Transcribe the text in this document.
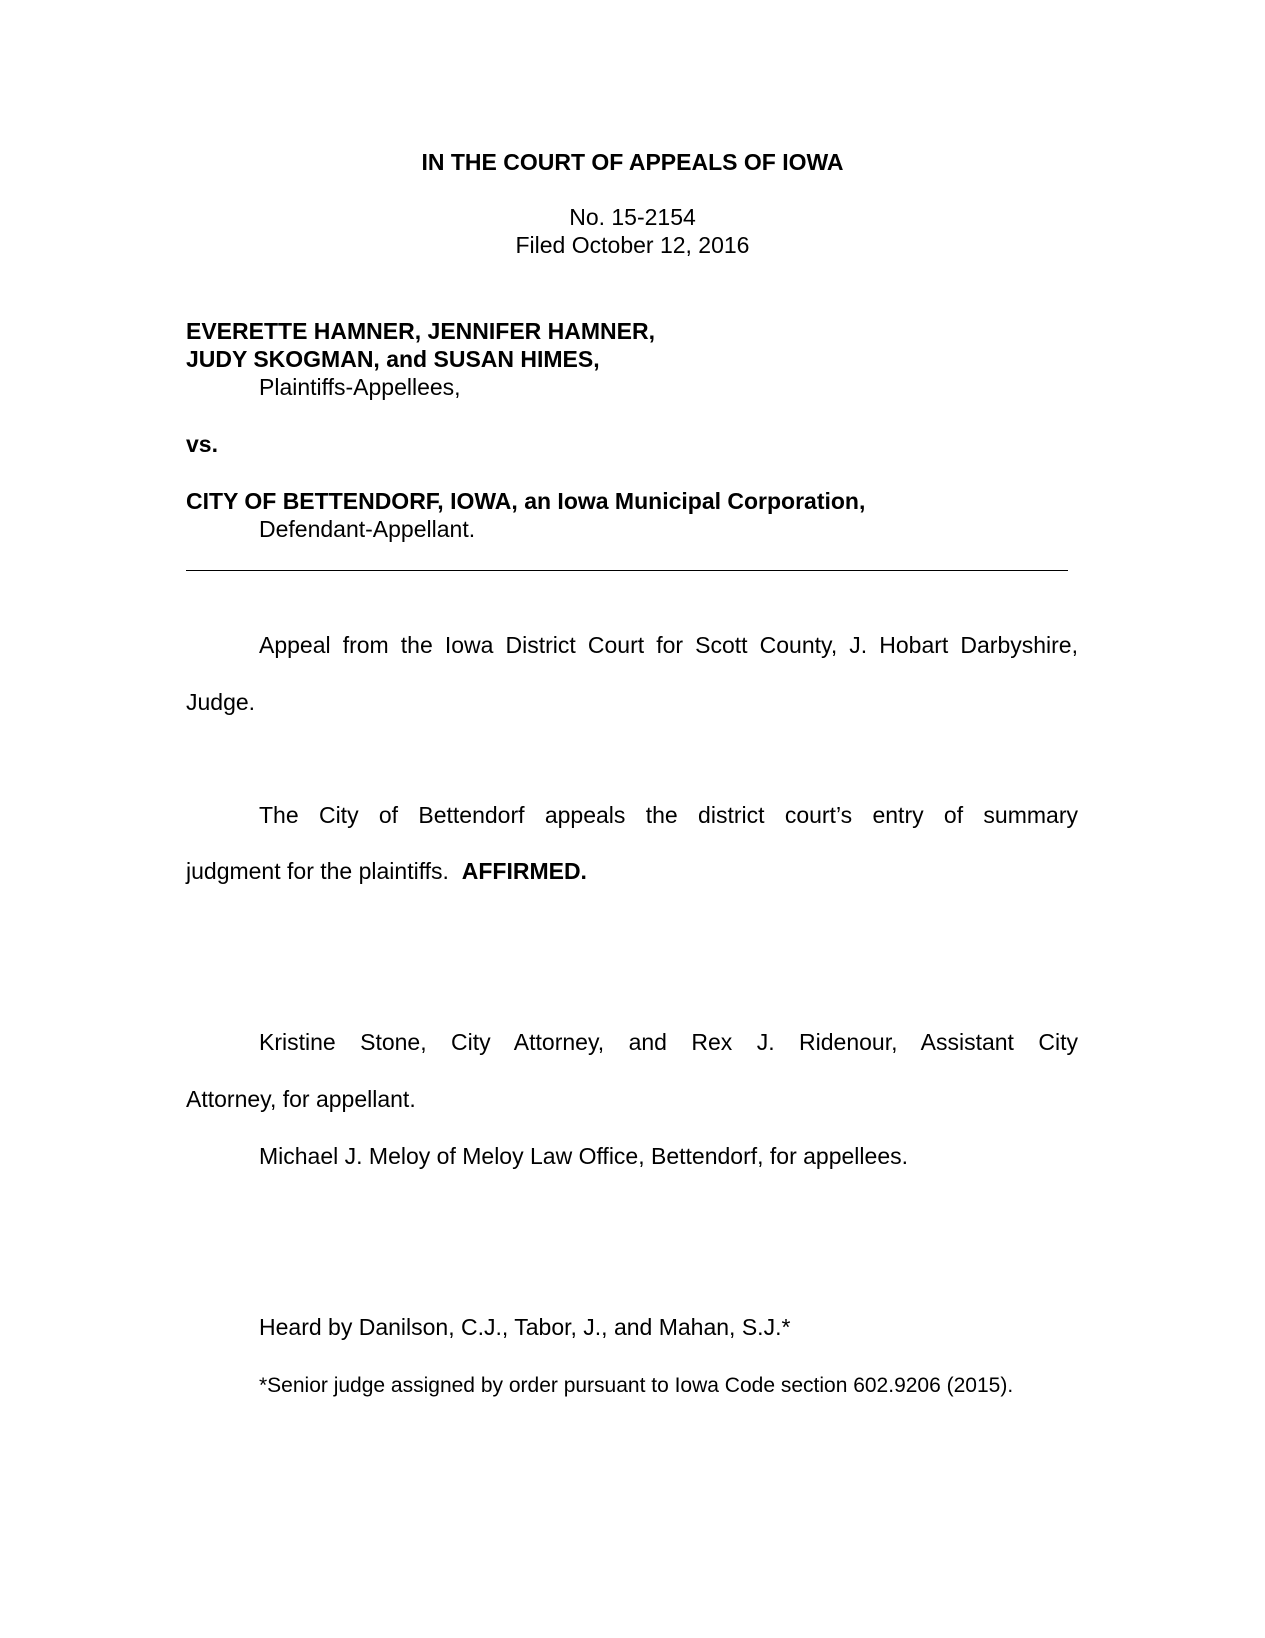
IN THE COURT OF APPEALS OF IOWA
No. 15-2154
Filed October 12, 2016
EVERETTE HAMNER, JENNIFER HAMNER,
JUDY SKOGMAN, and SUSAN HIMES,
Plaintiffs-Appellees,
vs.
CITY OF BETTENDORF, IOWA, an Iowa Municipal Corporation,
Defendant-Appellant.
Appeal from the Iowa District Court for Scott County, J. Hobart Darbyshire,
Judge.
The City of Bettendorf appeals the district court’s entry of summary
judgment for the plaintiffs. AFFIRMED.
Kristine Stone, City Attorney, and Rex J. Ridenour, Assistant City
Attorney, for appellant.
Michael J. Meloy of Meloy Law Office, Bettendorf, for appellees.
Heard by Danilson, C.J., Tabor, J., and Mahan, S.J.*
*Senior judge assigned by order pursuant to Iowa Code section 602.9206 (2015).
